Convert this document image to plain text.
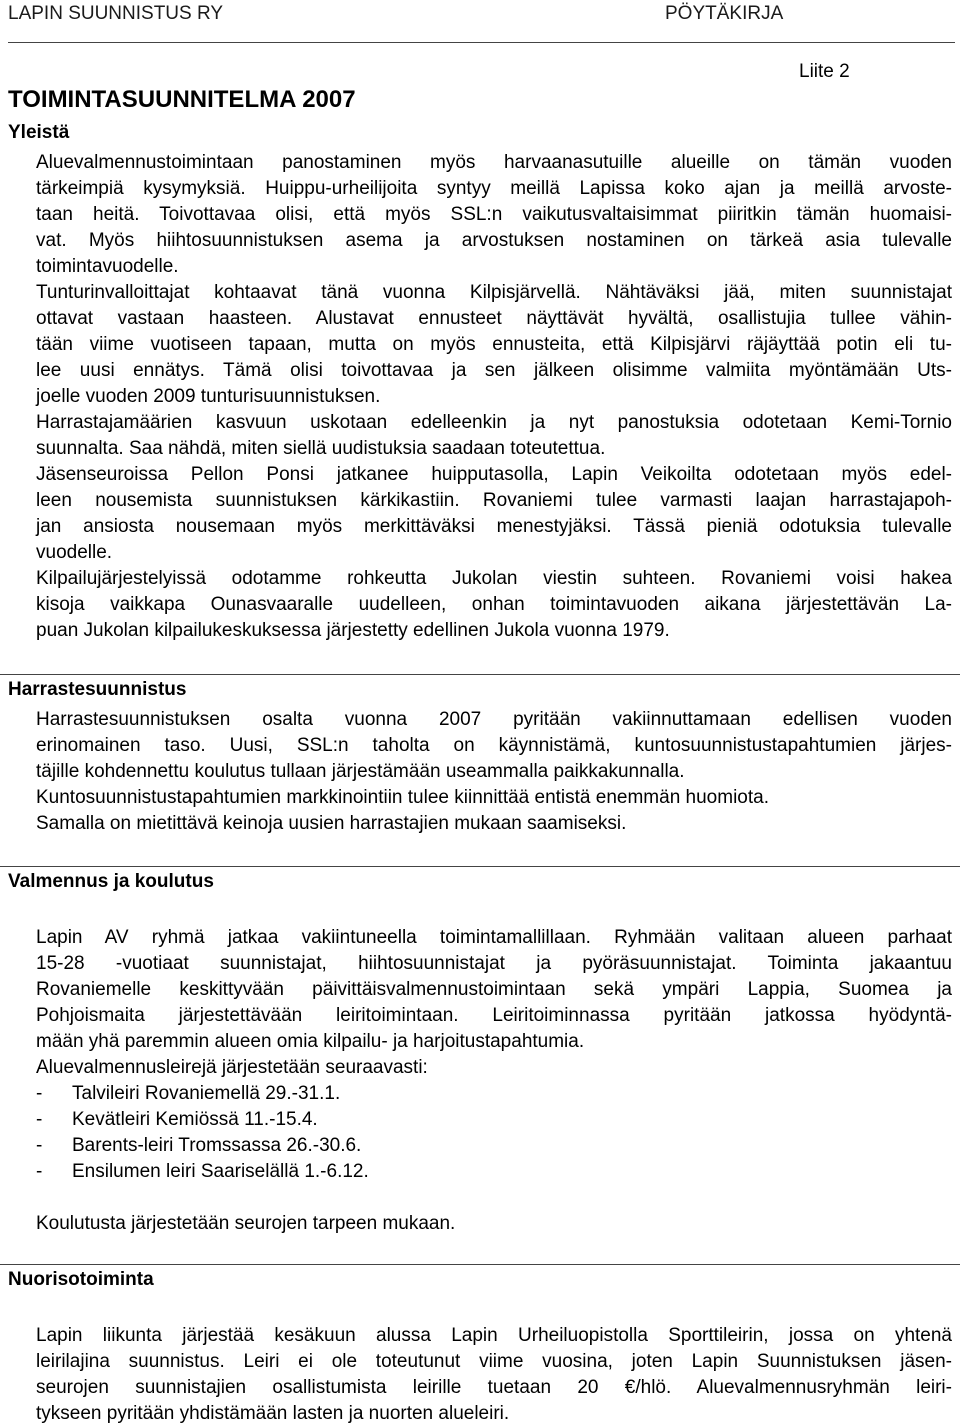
LAPIN SUUNNISTUS RY	PÖYTÄKIRJA
Liite 2
TOIMINTASUUNNITELMA 2007
Yleistä
Aluevalmennustoimintaan panostaminen myös harvaanasutuille alueille on tämän vuoden
tärkeimpiä kysymyksiä. Huippu-urheilijoita syntyy meillä Lapissa koko ajan ja meillä arvoste-
taan heitä. Toivottavaa olisi, että myös SSL:n vaikutusvaltaisimmat piiritkin tämän huomaisi-
vat. Myös hiihtosuunnistuksen asema ja arvostuksen nostaminen on tärkeä asia tulevalle
toimintavuodelle.
Tunturinvalloittajat kohtaavat tänä vuonna Kilpisjärvellä. Nähtäväksi jää, miten suunnistajat
ottavat vastaan haasteen. Alustavat ennusteet näyttävät hyvältä, osallistujia tullee vähin-
tään viime vuotiseen tapaan, mutta on myös ennusteita, että Kilpisjärvi räjäyttää potin eli tu-
lee uusi ennätys. Tämä olisi toivottavaa ja sen jälkeen olisimme valmiita myöntämään Uts-
joelle vuoden 2009 tunturisuunnistuksen.
Harrastajamäärien kasvuun uskotaan edelleenkin ja nyt panostuksia odotetaan Kemi-Tornio
suunnalta. Saa nähdä, miten siellä uudistuksia saadaan toteutettua.
Jäsenseuroissa Pellon Ponsi jatkanee huipputasolla, Lapin Veikoilta odotetaan myös edel-
leen nousemista suunnistuksen kärkikastiin. Rovaniemi tulee varmasti laajan harrastajapoh-
jan ansiosta nousemaan myös merkittäväksi menestyjäksi. Tässä pieniä odotuksia tulevalle
vuodelle.
Kilpailujärjestelyissä odotamme rohkeutta Jukolan viestin suhteen. Rovaniemi voisi hakea
kisoja vaikkapa Ounasvaaralle uudelleen, onhan toimintavuoden aikana järjestettävän La-
puan Jukolan kilpailukeskuksessa järjestetty edellinen Jukola vuonna 1979.
Harrastesuunnistus
Harrastesuunnistuksen osalta vuonna 2007 pyritään vakiinnuttamaan edellisen vuoden
erinomainen taso. Uusi, SSL:n taholta on käynnistämä, kuntosuunnistustapahtumien järjes-
täjille kohdennettu koulutus tullaan järjestämään useammalla paikkakunnalla.
Kuntosuunnistustapahtumien markkinointiin tulee kiinnittää entistä enemmän huomiota.
Samalla on mietittävä keinoja uusien harrastajien mukaan saamiseksi.
Valmennus ja koulutus
Lapin AV ryhmä jatkaa vakiintuneella toimintamallillaan. Ryhmään valitaan alueen parhaat
15-28 -vuotiaat suunnistajat, hiihtosuunnistajat ja pyöräsuunnistajat. Toiminta jakaantuu
Rovaniemelle keskittyvään päivittäisvalmennustoimintaan sekä ympäri Lappia, Suomea ja
Pohjoismaita järjestettävään leiritoimintaan. Leiritoiminnassa pyritään jatkossa hyödyntä-
mään yhä paremmin alueen omia kilpailu- ja harjoitustapahtumia.
Aluevalmennusleirejä järjestetään seuraavasti:
- Talvileiri Rovaniemellä 29.-31.1.
- Kevätleiri Kemiössä 11.-15.4.
- Barents-leiri Tromssassa 26.-30.6.
- Ensilumen leiri Saariselällä 1.-6.12.
Koulutusta järjestetään seurojen tarpeen mukaan.
Nuorisotoiminta
Lapin liikunta järjestää kesäkuun alussa Lapin Urheiluopistolla Sporttileirin, jossa on yhtenä
leirilajina suunnistus. Leiri ei ole toteutunut viime vuosina, joten Lapin Suunnistuksen jäsen-
seurojen suunnistajien osallistumista leirille tuetaan 20 €/hlö. Aluevalmennusryhmän leiri-
tykseen pyritään yhdistämään lasten ja nuorten alueleiri.
